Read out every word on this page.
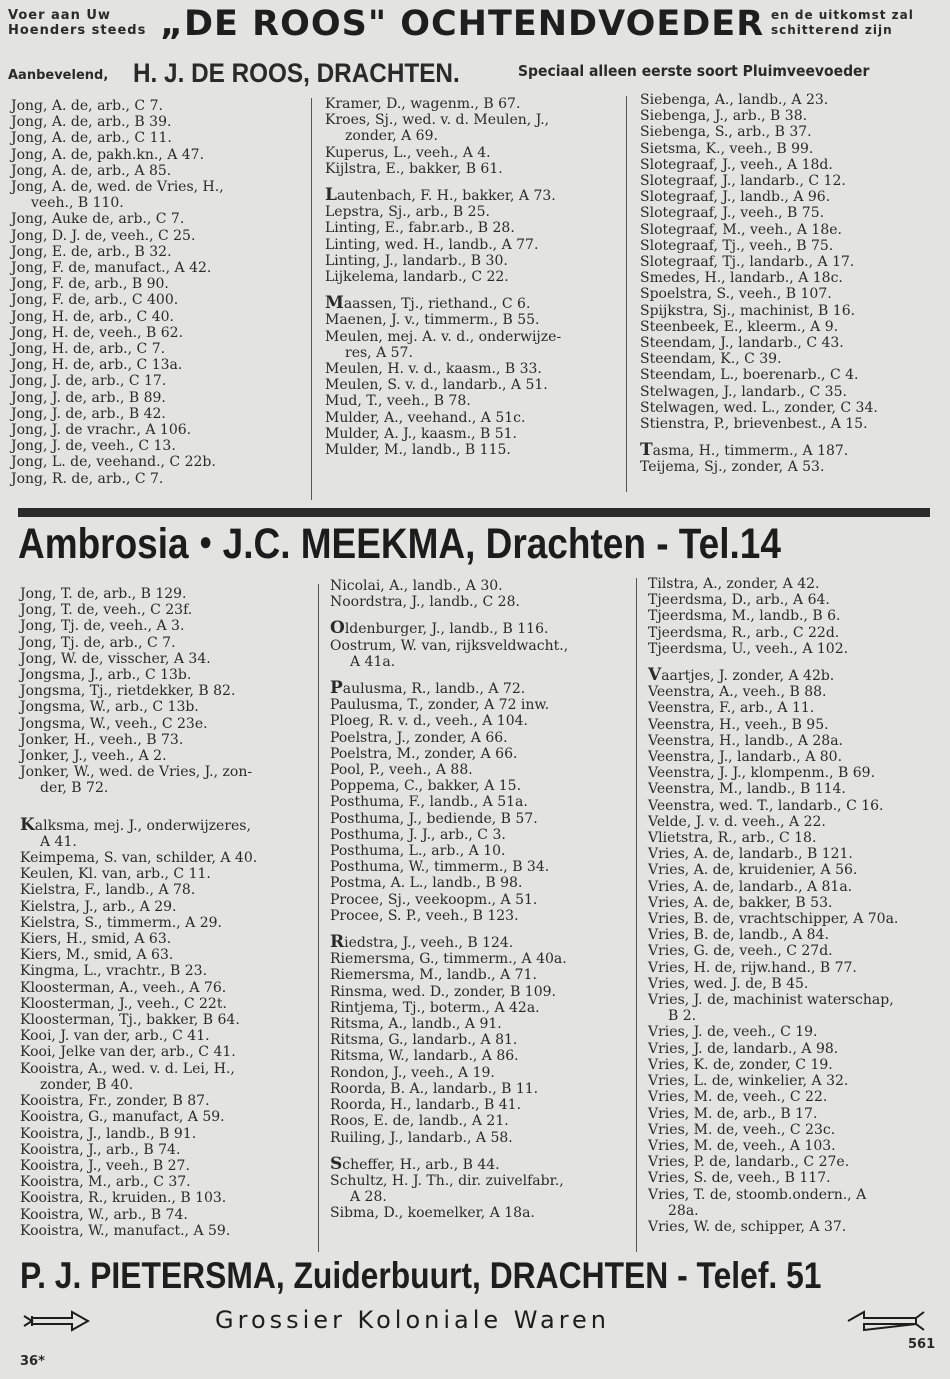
Voer aan Uw
Hoenders steeds „DE ROOS" OCHTENDVOEDER en de uitkomst zal
schitterend zijn
Aanbevelend, H. J. DE ROOS, DRACHTEN.	Speciaal alleen eerste soort Pluimveevoeder
Jong, A. de, arb., C 7.
Jong, A. de, arb., B 39.
Jong, A. de, arb., C 11.
Jong, A. de, pakh.kn., A 47.
Jong, A. de, arb., A 85.
Jong, A. de, wed. de Vries, H.,
veeh., B 110.
Jong, Auke de, arb., C 7.
Jong, D. J. de, veeh., C 25.
Jong, E. de, arb., B 32.
Jong, F. de, manufact., A 42.
Jong, F. de, arb., B 90.
Jong, F. de, arb., C 400.
Jong, H. de, arb., C 40.
Jong, H. de, veeh., B 62.
Jong, H. de, arb., C 7.
Jong, H. de, arb., C 13a.
Jong, J. de, arb., C 17.
Jong, J. de, arb., B 89.
Jong, J. de, arb., B 42.
Jong, J. de vrachr., A 106.
Jong, J. de, veeh., C 13.
Jong, L. de, veehand., C 22b.
Jong, R. de, arb., C 7.
Kramer, D., wagenm., B 67.
Kroes, Sj., wed. v. d. Meulen, J.,
zonder, A 69.
Kuperus, L., veeh., A 4.
Kijlstra, E., bakker, B 61.
Lautenbach, F. H., bakker, A 73.
Lepstra, Sj., arb., B 25.
Linting, E., fabr.arb., B 28.
Linting, wed. H., landb., A 77.
Linting, J., landarb., B 30.
Lijkelema, landarb., C 22.
Maassen, Tj., riethand., C 6.
Maenen, J. v., timmerm., B 55.
Meulen, mej. A. v. d., onderwijze-
res, A 57.
Meulen, H. v. d., kaasm., B 33.
Meulen, S. v. d., landarb., A 51.
Mud, T., veeh., B 78.
Mulder, A., veehand., A 51c.
Mulder, A. J., kaasm., B 51.
Mulder, M., landb., B 115.
Siebenga, A., landb., A 23.
Siebenga, J., arb., B 38.
Siebenga, S., arb., B 37.
Sietsma, K., veeh., B 99.
Slotegraaf, J., veeh., A 18d.
Slotegraaf, J., landarb., C 12.
Slotegraaf, J., landb., A 96.
Slotegraaf, J., veeh., B 75.
Slotegraaf, M., veeh., A 18e.
Slotegraaf, Tj., veeh., B 75.
Slotegraaf, Tj., landarb., A 17.
Smedes, H., landarb., A 18c.
Spoelstra, S., veeh., B 107.
Spijkstra, Sj., machinist, B 16.
Steenbeek, E., kleerm., A 9.
Steendam, J., landarb., C 43.
Steendam, K., C 39.
Steendam, L., boerenarb., C 4.
Stelwagen, J., landarb., C 35.
Stelwagen, wed. L., zonder, C 34.
Stienstra, P., brievenbest., A 15.
Tasma, H., timmerm., A 187.
Teijema, Sj., zonder, A 53.
Ambrosia ● J.C. MEEKMA, Drachten - Tel.14
Jong, T. de, arb., B 129.
Jong, T. de, veeh., C 23f.
Jong, Tj. de, veeh., A 3.
Jong, Tj. de, arb., C 7.
Jong, W. de, visscher, A 34.
Jongsma, J., arb., C 13b.
Jongsma, Tj., rietdekker, B 82.
Jongsma, W., arb., C 13b.
Jongsma, W., veeh., C 23e.
Jonker, H., veeh., B 73.
Jonker, J., veeh., A 2.
Jonker, W., wed. de Vries, J., zon-
der, B 72.
Kalksma, mej. J., onderwijzeres,
A 41.
Keimpema, S. van, schilder, A 40.
Keulen, Kl. van, arb., C 11.
Kielstra, F., landb., A 78.
Kielstra, J., arb., A 29.
Kielstra, S., timmerm., A 29.
Kiers, H., smid, A 63.
Kiers, M., smid, A 63.
Kingma, L., vrachtr., B 23.
Kloosterman, A., veeh., A 76.
Kloosterman, J., veeh., C 22t.
Kloosterman, Tj., bakker, B 64.
Kooi, J. van der, arb., C 41.
Kooi, Jelke van der, arb., C 41.
Kooistra, A., wed. v. d. Lei, H.,
zonder, B 40.
Kooistra, Fr., zonder, B 87.
Kooistra, G., manufact, A 59.
Kooistra, J., landb., B 91.
Kooistra, J., arb., B 74.
Kooistra, J., veeh., B 27.
Kooistra, M., arb., C 37.
Kooistra, R., kruiden., B 103.
Kooistra, W., arb., B 74.
Kooistra, W., manufact., A 59.
Nicolai, A., landb., A 30.
Noordstra, J., landb., C 28.
Oldenburger, J., landb., B 116.
Oostrum, W. van, rijksveldwacht.,
A 41a.
Paulusma, R., landb., A 72.
Paulusma, T., zonder, A 72 inw.
Ploeg, R. v. d., veeh., A 104.
Poelstra, J., zonder, A 66.
Poelstra, M., zonder, A 66.
Pool, P., veeh., A 88.
Poppema, C., bakker, A 15.
Posthuma, F., landb., A 51a.
Posthuma, J., bediende, B 57.
Posthuma, J. J., arb., C 3.
Posthuma, L., arb., A 10.
Posthuma, W., timmerm., B 34.
Postma, A. L., landb., B 98.
Procee, Sj., veekoopm., A 51.
Procee, S. P., veeh., B 123.
Riedstra, J., veeh., B 124.
Riemersma, G., timmerm., A 40a.
Riemersma, M., landb., A 71.
Rinsma, wed. D., zonder, B 109.
Rintjema, Tj., boterm., A 42a.
Ritsma, A., landb., A 91.
Ritsma, G., landarb., A 81.
Ritsma, W., landarb., A 86.
Rondon, J., veeh., A 19.
Roorda, B. A., landarb., B 11.
Roorda, H., landarb., B 41.
Roos, E. de, landb., A 21.
Ruiling, J., landarb., A 58.
Scheffer, H., arb., B 44.
Schultz, H. J. Th., dir. zuivelfabr.,
A 28.
Sibma, D., koemelker, A 18a.
Tilstra, A., zonder, A 42.
Tjeerdsma, D., arb., A 64.
Tjeerdsma, M., landb., B 6.
Tjeerdsma, R., arb., C 22d.
Tjeerdsma, U., veeh., A 102.
Vaartjes, J. zonder, A 42b.
Veenstra, A., veeh., B 88.
Veenstra, F., arb., A 11.
Veenstra, H., veeh., B 95.
Veenstra, H., landb., A 28a.
Veenstra, J., landarb., A 80.
Veenstra, J. J., klompenm., B 69.
Veenstra, M., landb., B 114.
Veenstra, wed. T., landarb., C 16.
Velde, J. v. d. veeh., A 22.
Vlietstra, R., arb., C 18.
Vries, A. de, landarb., B 121.
Vries, A. de, kruidenier, A 56.
Vries, A. de, landarb., A 81a.
Vries, A. de, bakker, B 53.
Vries, B. de, vrachtschipper, A 70a.
Vries, B. de, landb., A 84.
Vries, G. de, veeh., C 27d.
Vries, H. de, rijw.hand., B 77.
Vries, wed. J. de, B 45.
Vries, J. de, machinist waterschap,
B 2.
Vries, J. de, veeh., C 19.
Vries, J. de, landarb., A 98.
Vries, K. de, zonder, C 19.
Vries, L. de, winkelier, A 32.
Vries, M. de, veeh., C 22.
Vries, M. de, arb., B 17.
Vries, M. de, veeh., C 23c.
Vries, M. de, veeh., A 103.
Vries, P. de, landarb., C 27e.
Vries, S. de, veeh., B 117.
Vries, T. de, stoomb.ondern., A
28a.
Vries, W. de, schipper, A 37.
P. J. PIETERSMA, Zuiderbuurt, DRACHTEN - Telef. 51
Grossier Koloniale Waren
36*
561
